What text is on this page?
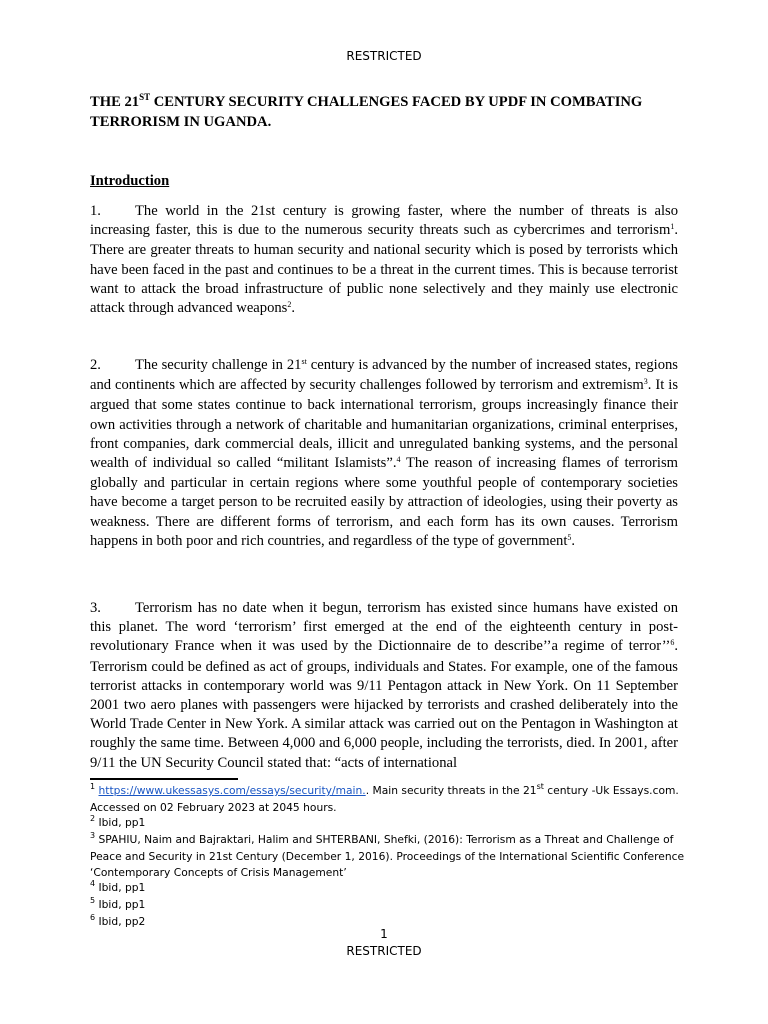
RESTRICTED
THE 21ST CENTURY SECURITY CHALLENGES FACED BY UPDF IN COMBATING TERRORISM IN UGANDA.
Introduction

1. The world in the 21st century is growing faster, where the number of threats is also increasing faster, this is due to the numerous security threats such as cybercrimes and terrorism$^1$. There are greater threats to human security and national security which is posed by terrorists which have been faced in the past and continues to be a threat in the current times. This is because terrorist want to attack the broad infrastructure of public none selectively and they mainly use electronic attack through advanced weapons$^2$.

2. The security challenge in 21st century is advanced by the number of increased states, regions and continents which are affected by security challenges followed by terrorism and extremism$^3$. It is argued that some states continue to back international terrorism, groups increasingly finance their own activities through a network of charitable and humanitarian organizations, criminal enterprises, front companies, dark commercial deals, illicit and unregulated banking systems, and the personal wealth of individual so called “militant Islamists”.$^4$ The reason of increasing flames of terrorism globally and particular in certain regions where some youthful people of contemporary societies have become a target person to be recruited easily by attraction of ideologies, using their poverty as weakness. There are different forms of terrorism, and each form has its own causes. Terrorism happens in both poor and rich countries, and regardless of the type of government$^5$.

3. Terrorism has no date when it begun, terrorism has existed since humans have existed on this planet. The word ‘terrorism’ first emerged at the end of the eighteenth century in post-revolutionary France when it was used by the Dictionnaire de to describe’’a regime of terror’’$^6$. Terrorism could be defined as act of groups, individuals and States. For example, one of the famous terrorist attacks in contemporary world was 9/11 Pentagon attack in New York. On 11 September 2001 two aero planes with passengers were hijacked by terrorists and crashed deliberately into the World Trade Center in New York. A similar attack was carried out on the Pentagon in Washington at roughly the same time. Between 4,000 and 6,000 people, including the terrorists, died. In 2001, after 9/11 the UN Security Council stated that: “acts of international

$^1$ https://www.ukessasys.com/essays/security/main.. Main security threats in the 21st century -Uk Essays.com. Accessed on 02 February 2023 at 2045 hours.

$^2$ Ibid, pp1

$^3$ SPAHIU, Naim and Bajraktari, Halim and SHTERBANI, Shefki, (2016): Terrorism as a Threat and Challenge of Peace and Security in 21st Century (December 1, 2016). Proceedings of the International Scientific Conference ‘Contemporary Concepts of Crisis Management’

$^4$ Ibid, pp1

$^5$ Ibid, pp1

$^6$ Ibid, pp2

1
RESTRICTED
